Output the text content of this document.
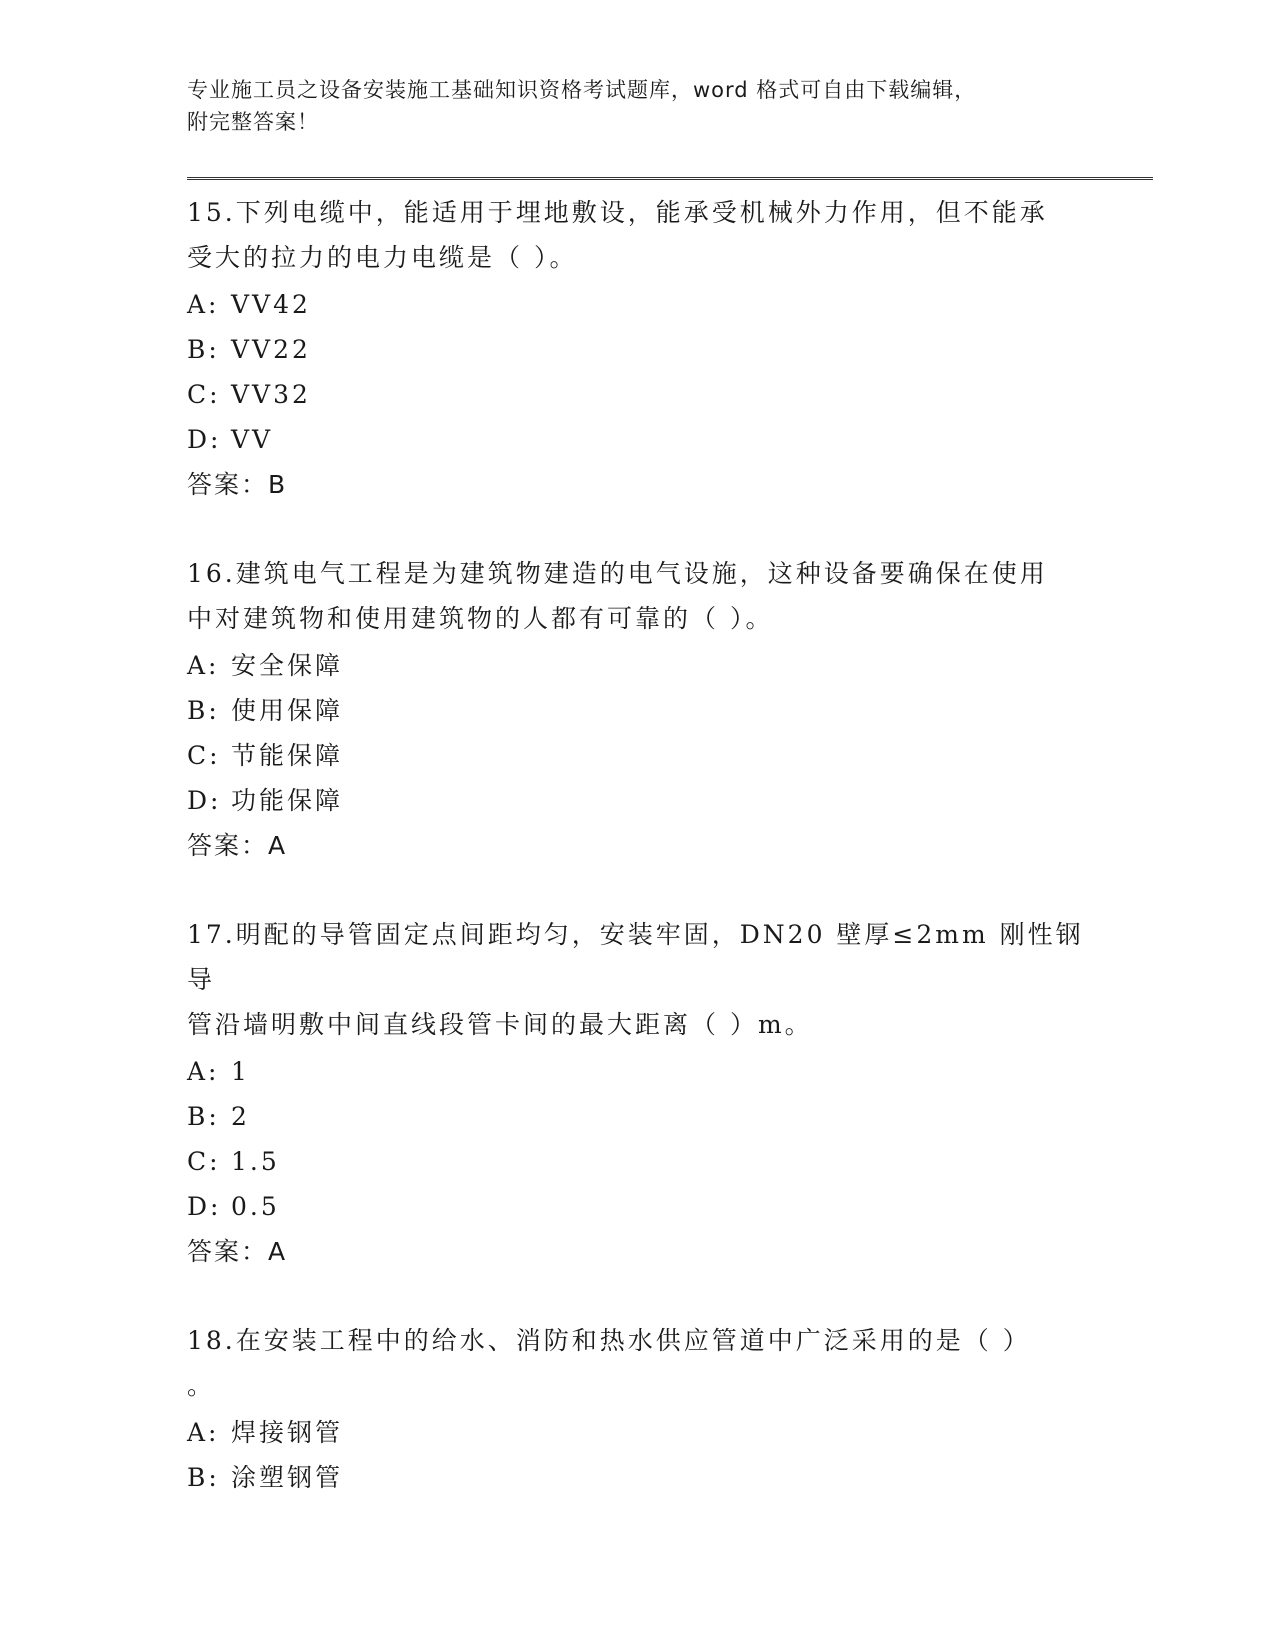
专业施工员之设备安装施工基础知识资格考试题库，word 格式可自由下载编辑，
附完整答案！
15.下列电缆中，能适用于埋地敷设，能承受机械外力作用，但不能承
受大的拉力的电力电缆是（ ）。
A: VV42
B: VV22
C: VV32
D: VV
答案：B
16.建筑电气工程是为建筑物建造的电气设施，这种设备要确保在使用
中对建筑物和使用建筑物的人都有可靠的（ ）。
A: 安全保障
B: 使用保障
C: 节能保障
D: 功能保障
答案：A
17.明配的导管固定点间距均匀，安装牢固，DN20 壁厚≤2mm 刚性钢导
管沿墙明敷中间直线段管卡间的最大距离（ ）m。
A: 1
B: 2
C: 1.5
D: 0.5
答案：A
18.在安装工程中的给水、消防和热水供应管道中广泛采用的是（ ）
。
A: 焊接钢管
B: 涂塑钢管
